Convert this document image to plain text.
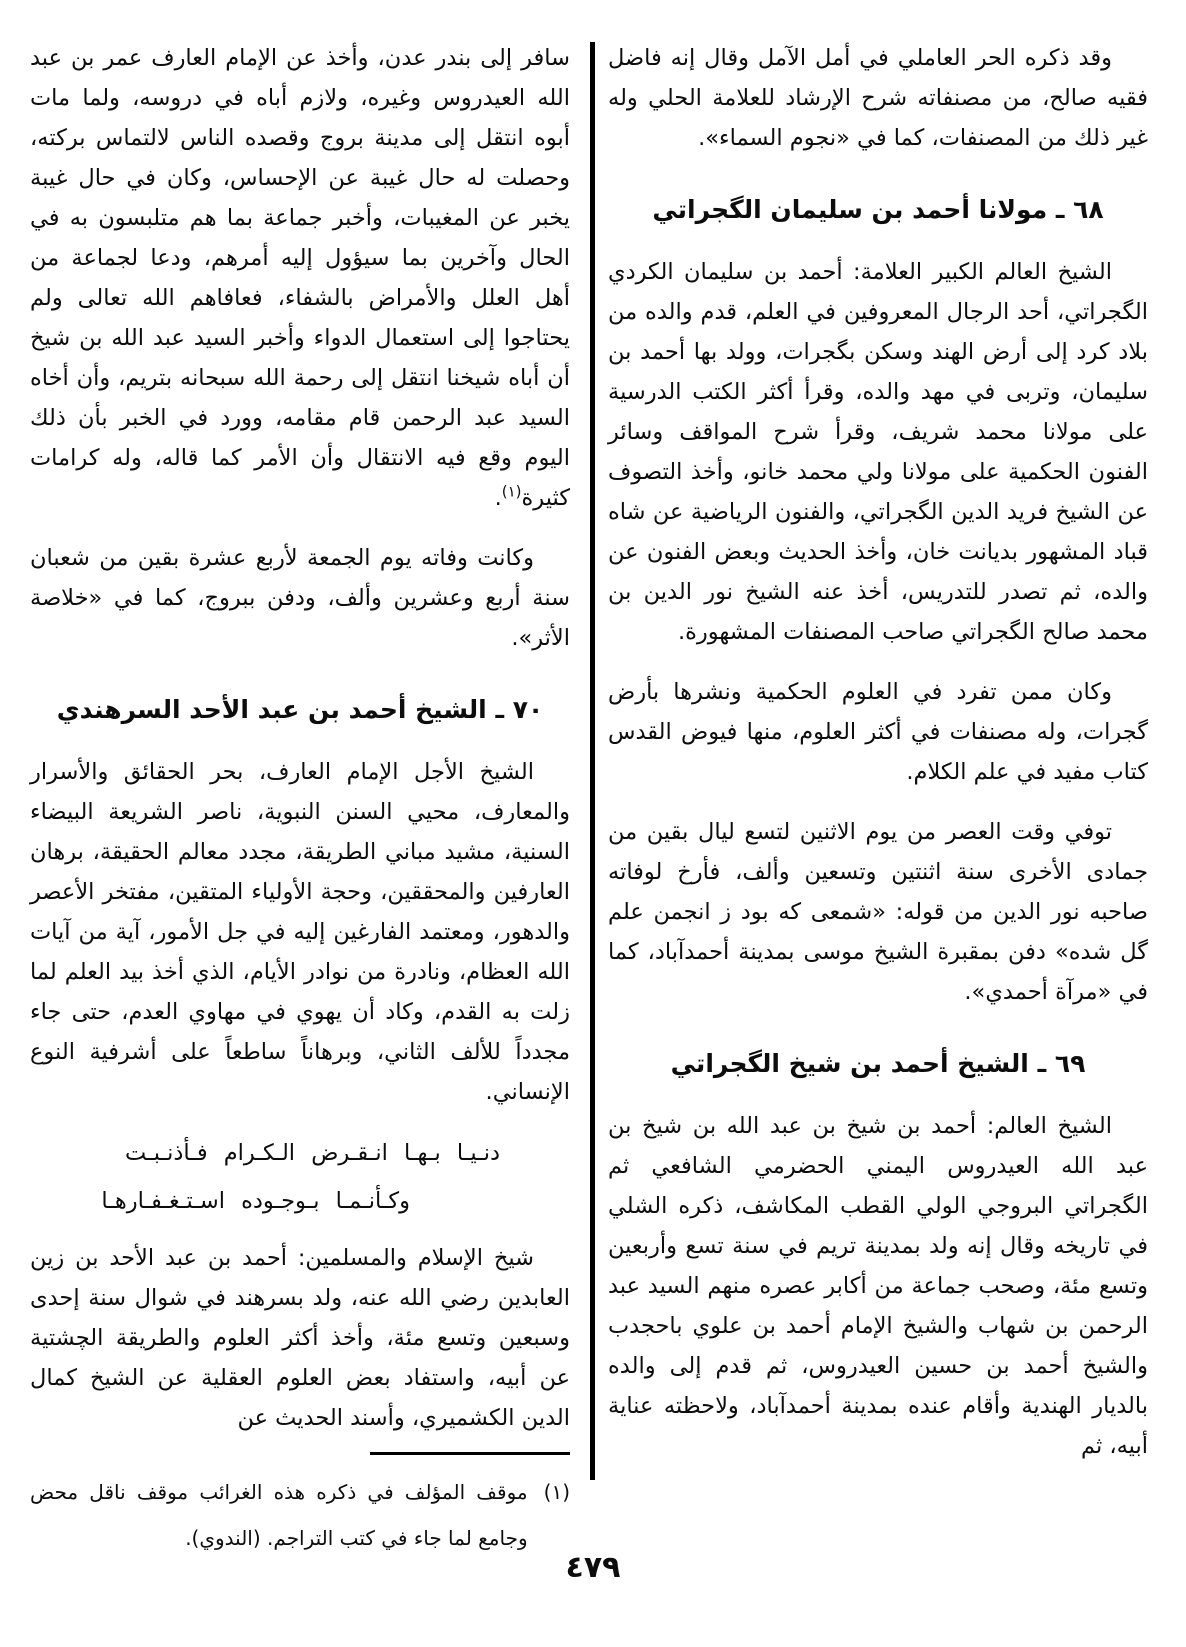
وقد ذكره الحر العاملي في أمل الآمل وقال إنه فاضل فقيه صالح، من مصنفاته شرح الإرشاد للعلامة الحلي وله غير ذلك من المصنفات، كما في «نجوم السماء».

٦٨ ـ مولانا أحمد بن سليمان الگجراتي

الشيخ العالم الكبير العلامة: أحمد بن سليمان الكردي الگجراتي، أحد الرجال المعروفين في العلم، قدم والده من بلاد كرد إلى أرض الهند وسكن بگجرات، وولد بها أحمد بن سليمان، وتربى في مهد والده، وقرأ أكثر الكتب الدرسية على مولانا محمد شريف، وقرأ شرح المواقف وسائر الفنون الحكمية على مولانا ولي محمد خانو، وأخذ التصوف عن الشيخ فريد الدين الگجراتي، والفنون الرياضية عن شاه قباد المشهور بديانت خان، وأخذ الحديث وبعض الفنون عن والده، ثم تصدر للتدريس، أخذ عنه الشيخ نور الدين بن محمد صالح الگجراتي صاحب المصنفات المشهورة.

وكان ممن تفرد في العلوم الحكمية ونشرها بأرض گجرات، وله مصنفات في أكثر العلوم، منها فيوض القدس كتاب مفيد في علم الكلام.

توفي وقت العصر من يوم الاثنين لتسع ليال بقين من جمادى الأخرى سنة اثنتين وتسعين وألف، فأرخ لوفاته صاحبه نور الدين من قوله: «شمعى كه بود ز انجمن علم گل شده» دفن بمقبرة الشيخ موسى بمدينة أحمدآباد، كما في «مرآة أحمدي».

٦٩ ـ الشيخ أحمد بن شيخ الگجراتي

الشيخ العالم: أحمد بن شيخ بن عبد الله بن شيخ بن عبد الله العيدروس اليمني الحضرمي الشافعي ثم الگجراتي البروجي الولي القطب المكاشف، ذكره الشلي في تاريخه وقال إنه ولد بمدينة تريم في سنة تسع وأربعين وتسع مئة، وصحب جماعة من أكابر عصره منهم السيد عبد الرحمن بن شهاب والشيخ الإمام أحمد بن علوي باحجدب والشيخ أحمد بن حسين العيدروس، ثم قدم إلى والده بالديار الهندية وأقام عنده بمدينة أحمدآباد، ولاحظته عناية أبيه، ثم

سافر إلى بندر عدن، وأخذ عن الإمام العارف عمر بن عبد الله العيدروس وغيره، ولازم أباه في دروسه، ولما مات أبوه انتقل إلى مدينة بروج وقصده الناس لالتماس بركته، وحصلت له حال غيبة عن الإحساس، وكان في حال غيبة يخبر عن المغيبات، وأخبر جماعة بما هم متلبسون به في الحال وآخرين بما سيؤول إليه أمرهم، ودعا لجماعة من أهل العلل والأمراض بالشفاء، فعافاهم الله تعالى ولم يحتاجوا إلى استعمال الدواء وأخبر السيد عبد الله بن شيخ أن أباه شيخنا انتقل إلى رحمة الله سبحانه بتريم، وأن أخاه السيد عبد الرحمن قام مقامه، وورد في الخبر بأن ذلك اليوم وقع فيه الانتقال وأن الأمر كما قاله، وله كرامات كثيرة$^{(١)}$.

وكانت وفاته يوم الجمعة لأربع عشرة بقين من شعبان سنة أربع وعشرين وألف، ودفن ببروج، كما في «خلاصة الأثر».

٧٠ ـ الشيخ أحمد بن عبد الأحد السرهندي

الشيخ الأجل الإمام العارف، بحر الحقائق والأسرار والمعارف، محيي السنن النبوية، ناصر الشريعة البيضاء السنية، مشيد مباني الطريقة، مجدد معالم الحقيقة، برهان العارفين والمحققين، وحجة الأولياء المتقين، مفتخر الأعصر والدهور، ومعتمد الفارغين إليه في جل الأمور، آية من آيات الله العظام، ونادرة من نوادر الأيام، الذي أخذ بيد العلم لما زلت به القدم، وكاد أن يهوي في مهاوي العدم، حتى جاء مجدداً للألف الثاني، وبرهاناً ساطعاً على أشرفية النوع الإنساني.

دنـيـا بـهـا انـقـرض الـكـرام فـأذنـبـت
وكـأنـمـا بـوجـوده اسـتـغـفـارهـا

شيخ الإسلام والمسلمين: أحمد بن عبد الأحد بن زين العابدين رضي الله عنه، ولد بسرهند في شوال سنة إحدى وسبعين وتسع مئة، وأخذ أكثر العلوم والطريقة الچشتية عن أبيه، واستفاد بعض العلوم العقلية عن الشيخ كمال الدين الكشميري، وأسند الحديث عن

(١)

موقف المؤلف في ذكره هذه الغرائب موقف ناقل محض وجامع لما جاء في كتب التراجم. (الندوي).

٤٧٩
